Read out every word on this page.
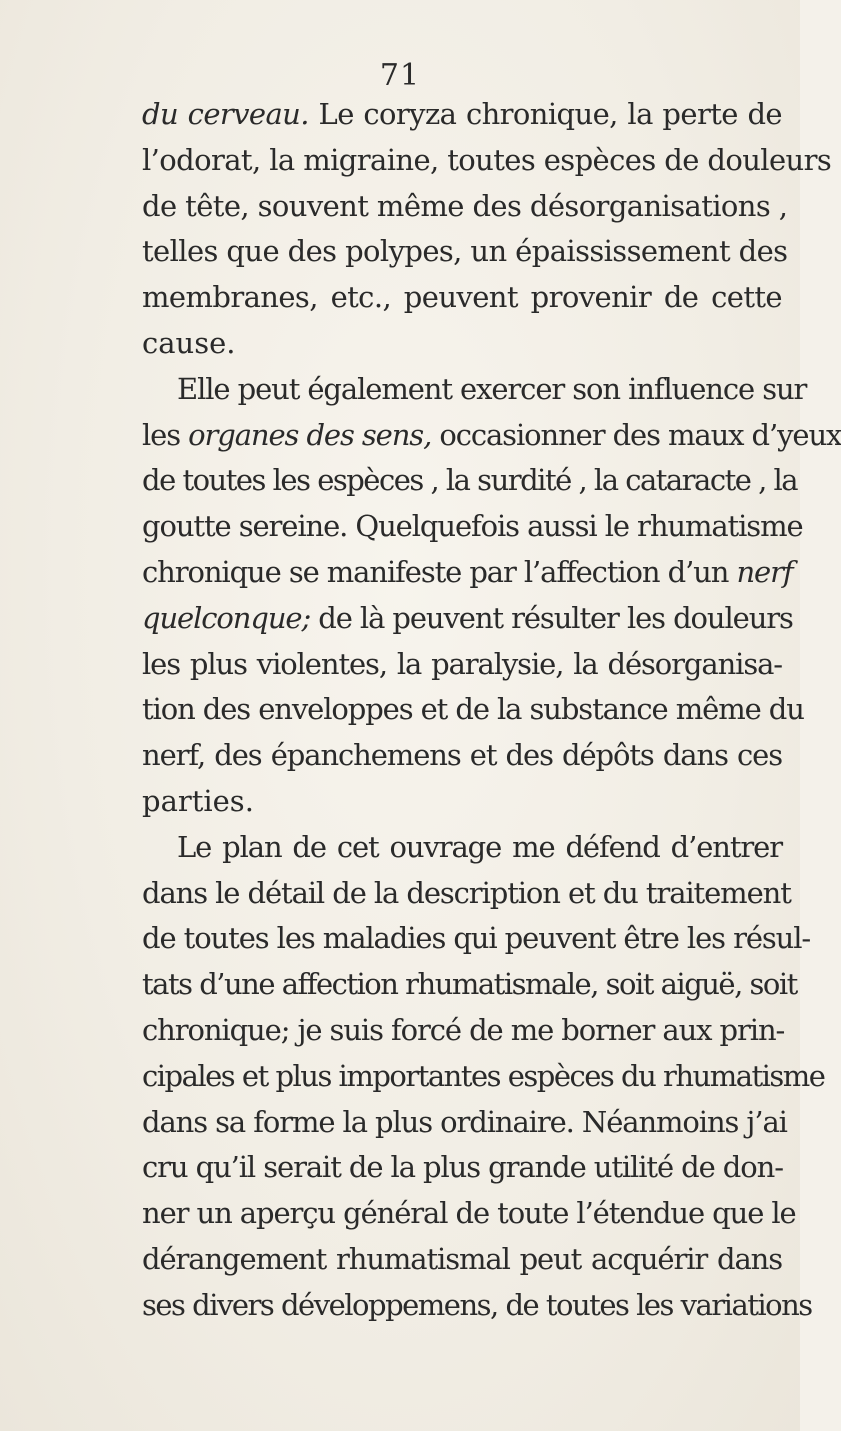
71
du cerveau. Le coryza chronique, la perte de
l’odorat, la migraine, toutes espèces de douleurs
de tête, souvent même des désorganisations ,
telles que des polypes, un épaississement des
membranes, etc., peuvent provenir de cette
cause.
Elle peut également exercer son influence sur
les organes des sens, occasionner des maux d’yeux
de toutes les espèces , la surdité , la cataracte , la
goutte sereine. Quelquefois aussi le rhumatisme
chronique se manifeste par l’affection d’un nerf
quelconque; de là peuvent résulter les douleurs
les plus violentes, la paralysie, la désorganisa-
tion des enveloppes et de la substance même du
nerf, des épanchemens et des dépôts dans ces
parties.
Le plan de cet ouvrage me défend d’entrer
dans le détail de la description et du traitement
de toutes les maladies qui peuvent être les résul-
tats d’une affection rhumatismale, soit aiguë, soit
chronique; je suis forcé de me borner aux prin-
cipales et plus importantes espèces du rhumatisme
dans sa forme la plus ordinaire. Néanmoins j’ai
cru qu’il serait de la plus grande utilité de don-
ner un aperçu général de toute l’étendue que le
dérangement rhumatismal peut acquérir dans
ses divers développemens, de toutes les variations
